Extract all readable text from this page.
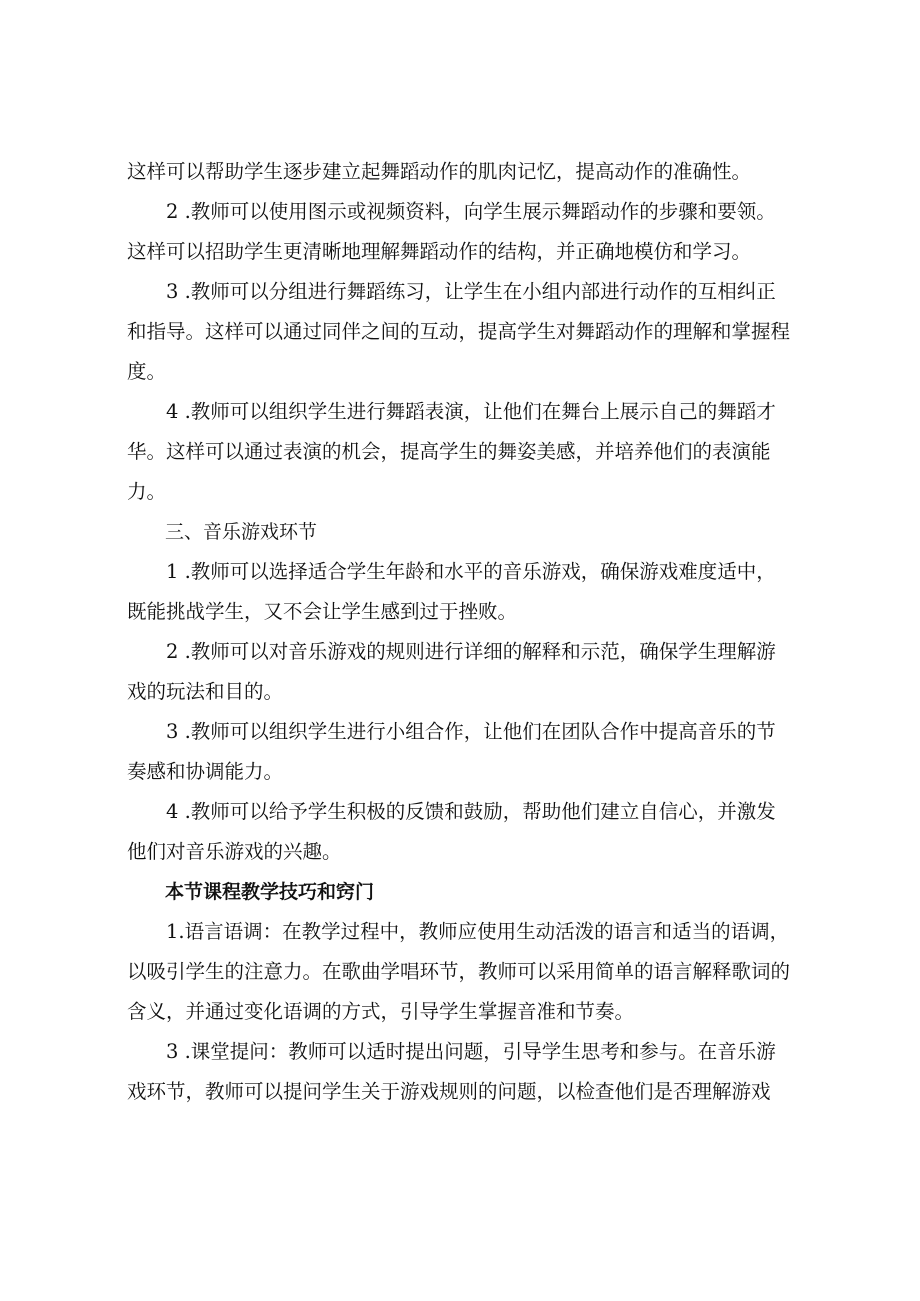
这样可以帮助学生逐步建立起舞蹈动作的肌肉记忆，提高动作的准确性。

2 .教师可以使用图示或视频资料，向学生展示舞蹈动作的步骤和要领。这样可以招助学生更清晰地理解舞蹈动作的结构，并正确地模仿和学习。

3 .教师可以分组进行舞蹈练习，让学生在小组内部进行动作的互相纠正和指导。这样可以通过同伴之间的互动，提高学生对舞蹈动作的理解和掌握程度。

4 .教师可以组织学生进行舞蹈表演，让他们在舞台上展示自己的舞蹈才华。这样可以通过表演的机会，提高学生的舞姿美感，并培养他们的表演能力。

三、音乐游戏环节

1 .教师可以选择适合学生年龄和水平的音乐游戏，确保游戏难度适中，既能挑战学生，又不会让学生感到过于挫败。

2 .教师可以对音乐游戏的规则进行详细的解释和示范，确保学生理解游戏的玩法和目的。

3 .教师可以组织学生进行小组合作，让他们在团队合作中提高音乐的节奏感和协调能力。

4 .教师可以给予学生积极的反馈和鼓励，帮助他们建立自信心，并激发他们对音乐游戏的兴趣。

本节课程教学技巧和窍门

1.语言语调：在教学过程中，教师应使用生动活泼的语言和适当的语调，以吸引学生的注意力。在歌曲学唱环节，教师可以采用简单的语言解释歌词的含义，并通过变化语调的方式，引导学生掌握音准和节奏。

3 .课堂提问：教师可以适时提出问题，引导学生思考和参与。在音乐游戏环节，教师可以提问学生关于游戏规则的问题，以检查他们是否理解游戏
